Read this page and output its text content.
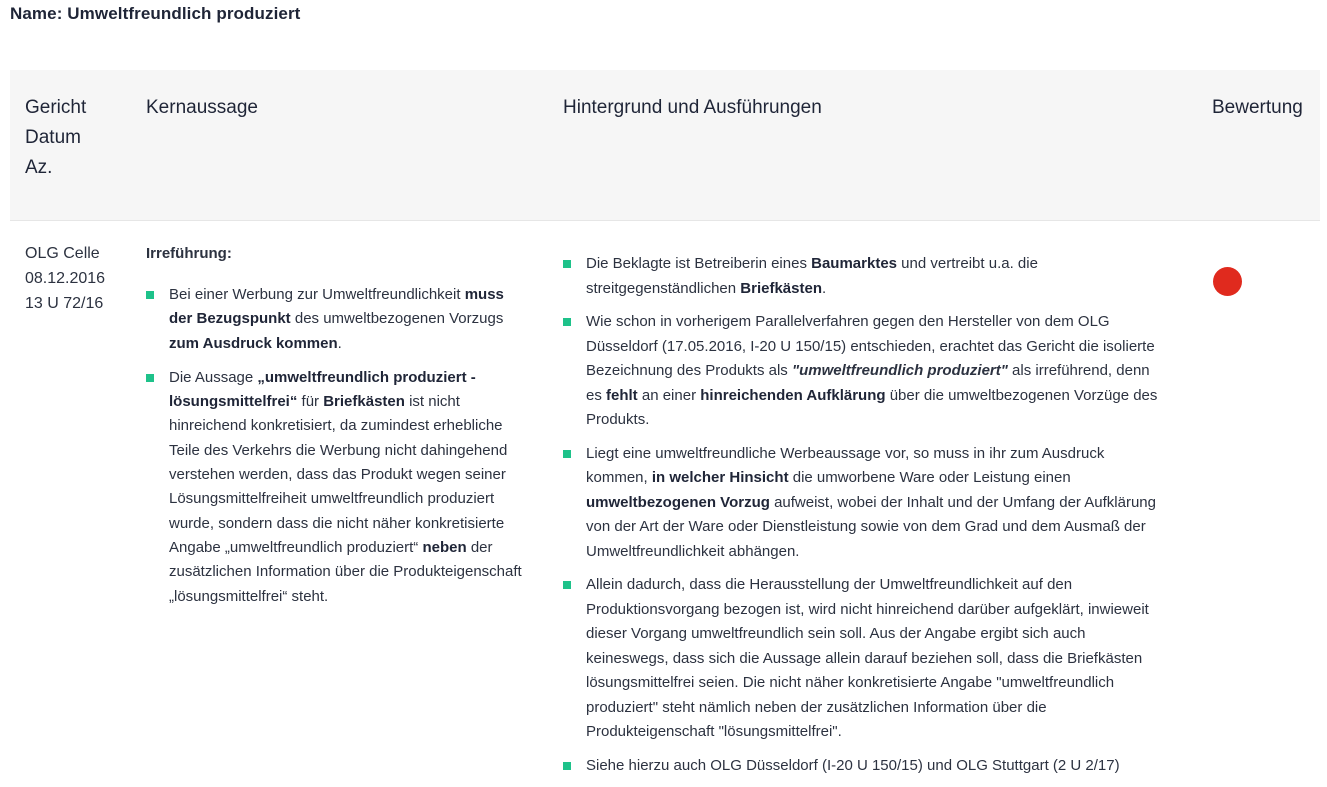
Name: Umweltfreundlich produziert
Gericht
Datum
Az.
Kernaussage	Hintergrund und Ausführungen	Bewertung
OLG Celle
08.12.2016
13 U 72/16
Irreführung:
Bei einer Werbung zur Umweltfreundlichkeit muss der Bezugspunkt des umweltbezogenen Vorzugs zum Ausdruck kommen.
Die Aussage „umweltfreundlich produziert - lösungsmittelfrei“ für Briefkästen ist nicht hinreichend konkretisiert, da zumindest erhebliche Teile des Verkehrs die Werbung nicht dahingehend verstehen werden, dass das Produkt wegen seiner Lösungsmittelfreiheit umweltfreundlich produziert wurde, sondern dass die nicht näher konkretisierte Angabe „umweltfreundlich produziert“ neben der zusätzlichen Information über die Produkteigenschaft „lösungsmittelfrei“ steht.
Die Beklagte ist Betreiberin eines Baumarktes und vertreibt u.a. die streitgegenständlichen Briefkästen.
Wie schon in vorherigem Parallelverfahren gegen den Hersteller von dem OLG Düsseldorf (17.05.2016, I-20 U 150/15) entschieden, erachtet das Gericht die isolierte Bezeichnung des Produkts als "umweltfreundlich produziert" als irreführend, denn es fehlt an einer hinreichenden Aufklärung über die umweltbezogenen Vorzüge des Produkts.
Liegt eine umweltfreundliche Werbeaussage vor, so muss in ihr zum Ausdruck kommen, in welcher Hinsicht die umworbene Ware oder Leistung einen umweltbezogenen Vorzug aufweist, wobei der Inhalt und der Umfang der Aufklärung von der Art der Ware oder Dienstleistung sowie von dem Grad und dem Ausmaß der Umweltfreundlichkeit abhängen.
Allein dadurch, dass die Herausstellung der Umweltfreundlichkeit auf den Produktionsvorgang bezogen ist, wird nicht hinreichend darüber aufgeklärt, inwieweit dieser Vorgang umweltfreundlich sein soll. Aus der Angabe ergibt sich auch keineswegs, dass sich die Aussage allein darauf beziehen soll, dass die Briefkästen lösungsmittelfrei seien. Die nicht näher konkretisierte Angabe "umweltfreundlich produziert" steht nämlich neben der zusätzlichen Information über die Produkteigenschaft "lösungsmittelfrei".
Siehe hierzu auch OLG Düsseldorf (I-20 U 150/15) und OLG Stuttgart (2 U 2/17)
